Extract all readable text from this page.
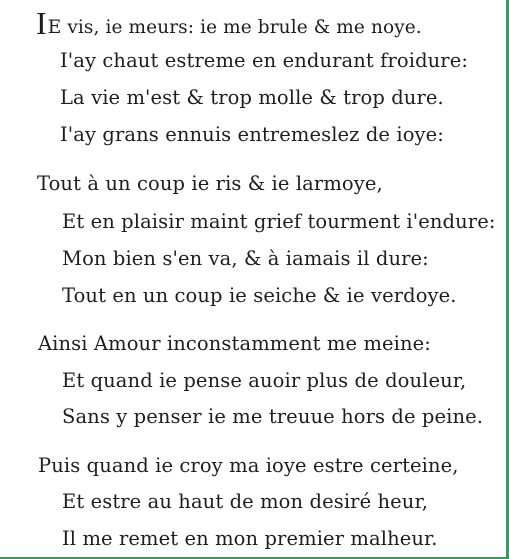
IE vis, ie meurs: ie me brule & me noye.
I'ay chaut estreme en endurant froidure:
La vie m'est & trop molle & trop dure.
I'ay grans ennuis entremeslez de ioye:
Tout à un coup ie ris & ie larmoye,
Et en plaisir maint grief tourment i'endure:
Mon bien s'en va, & à iamais il dure:
Tout en un coup ie seiche & ie verdoye.
Ainsi Amour inconstamment me meine:
Et quand ie pense auoir plus de douleur,
Sans y penser ie me treuue hors de peine.
Puis quand ie croy ma ioye estre certeine,
Et estre au haut de mon desiré heur,
Il me remet en mon premier malheur.
